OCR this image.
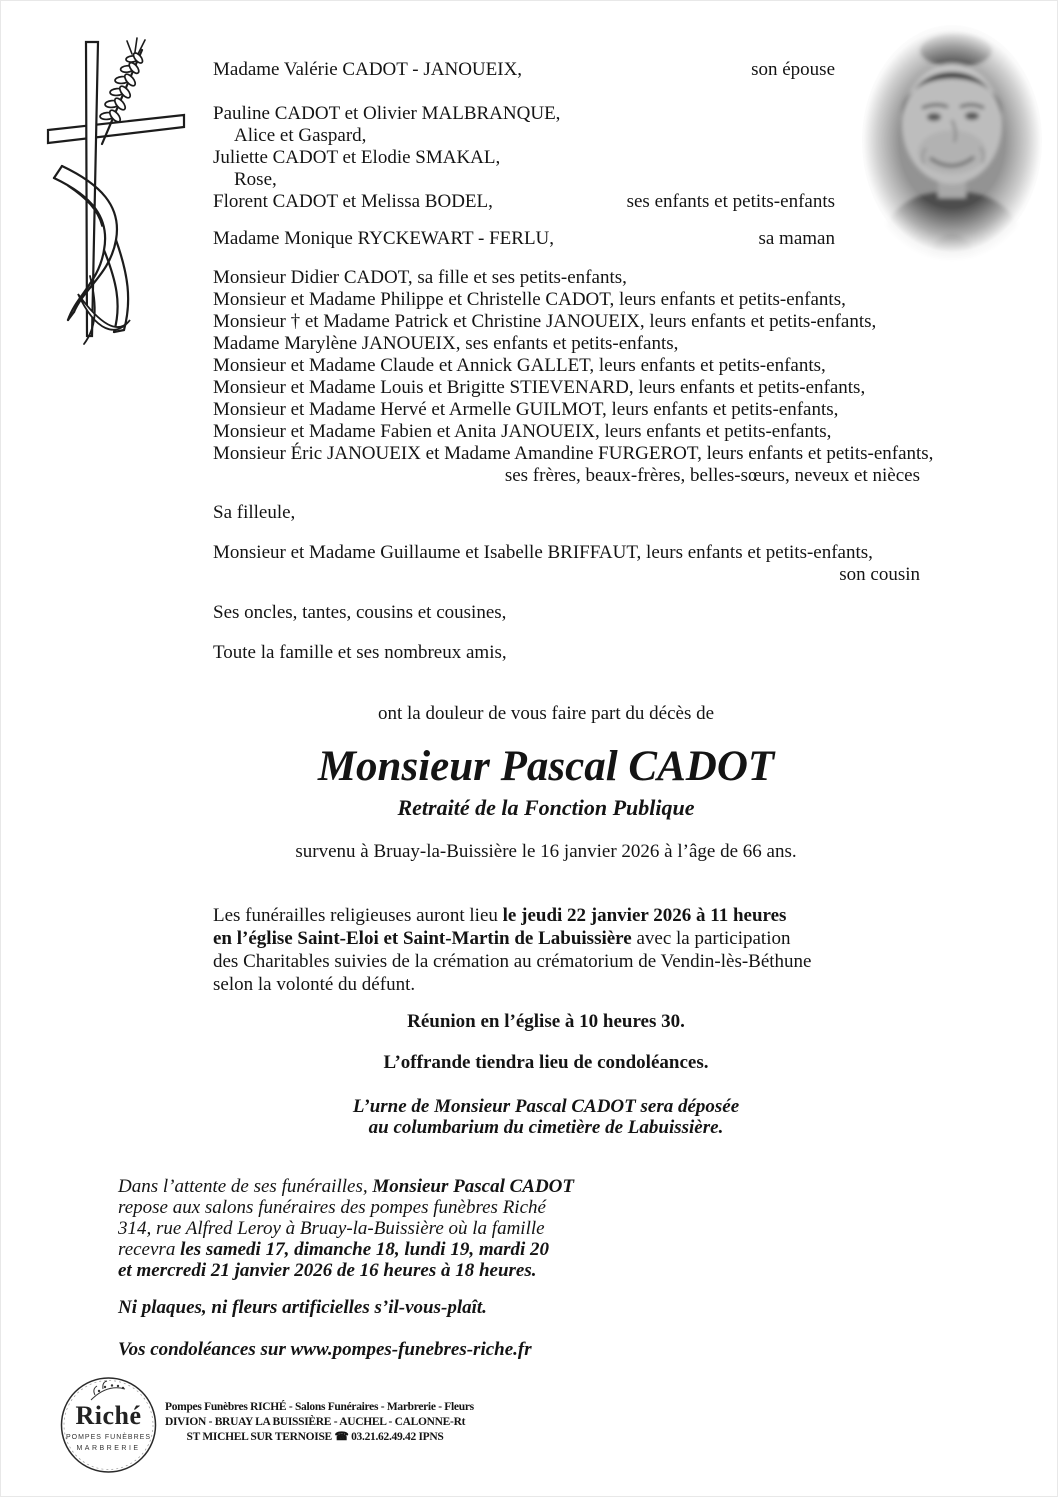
Madame Valérie CADOT - JANOUEIX,	son épouse
Pauline CADOT et Olivier MALBRANQUE,
Alice et Gaspard,
Juliette CADOT et Elodie SMAKAL,
Rose,
Florent CADOT et Melissa BODEL,	ses enfants et petits-enfants
Madame Monique RYCKEWART - FERLU,	sa maman
Monsieur Didier CADOT, sa fille et ses petits-enfants,
Monsieur et Madame Philippe et Christelle CADOT, leurs enfants et petits-enfants,
Monsieur † et Madame Patrick et Christine JANOUEIX, leurs enfants et petits-enfants,
Madame Marylène JANOUEIX, ses enfants et petits-enfants,
Monsieur et Madame Claude et Annick GALLET, leurs enfants et petits-enfants,
Monsieur et Madame Louis et Brigitte STIEVENARD, leurs enfants et petits-enfants,
Monsieur et Madame Hervé et Armelle GUILMOT, leurs enfants et petits-enfants,
Monsieur et Madame Fabien et Anita JANOUEIX, leurs enfants et petits-enfants,
Monsieur Éric JANOUEIX et Madame Amandine FURGEROT, leurs enfants et petits-enfants,
ses frères, beaux-frères, belles-sœurs, neveux et nièces
Sa filleule,
Monsieur et Madame Guillaume et Isabelle BRIFFAUT, leurs enfants et petits-enfants,
son cousin
Ses oncles, tantes, cousins et cousines,
Toute la famille et ses nombreux amis,
ont la douleur de vous faire part du décès de
Monsieur Pascal CADOT
Retraité de la Fonction Publique
survenu à Bruay-la-Buissière le 16 janvier 2026 à l’âge de 66 ans.
Les funérailles religieuses auront lieu le jeudi 22 janvier 2026 à 11 heures
en l’église Saint-Eloi et Saint-Martin de Labuissière avec la participation
des Charitables suivies de la crémation au crématorium de Vendin-lès-Béthune
selon la volonté du défunt.
Réunion en l’église à 10 heures 30.
L’offrande tiendra lieu de condoléances.
L’urne de Monsieur Pascal CADOT sera déposée
au columbarium du cimetière de Labuissière.
Dans l’attente de ses funérailles, Monsieur Pascal CADOT
repose aux salons funéraires des pompes funèbres Riché
314, rue Alfred Leroy à Bruay-la-Buissière où la famille
recevra les samedi 17, dimanche 18, lundi 19, mardi 20
et mercredi 21 janvier 2026 de 16 heures à 18 heures.
Ni plaques, ni fleurs artificielles s’il-vous-plaît.
Vos condoléances sur www.pompes-funebres-riche.fr
Riché
POMPES FUNÈBRES
MARBRERIE
Pompes Funèbres RICHÉ - Salons Funéraires - Marbrerie - Fleurs
DIVION - BRUAY LA BUISSIÈRE - AUCHEL - CALONNE-Rt
ST MICHEL SUR TERNOISE ☎ 03.21.62.49.42 IPNS
